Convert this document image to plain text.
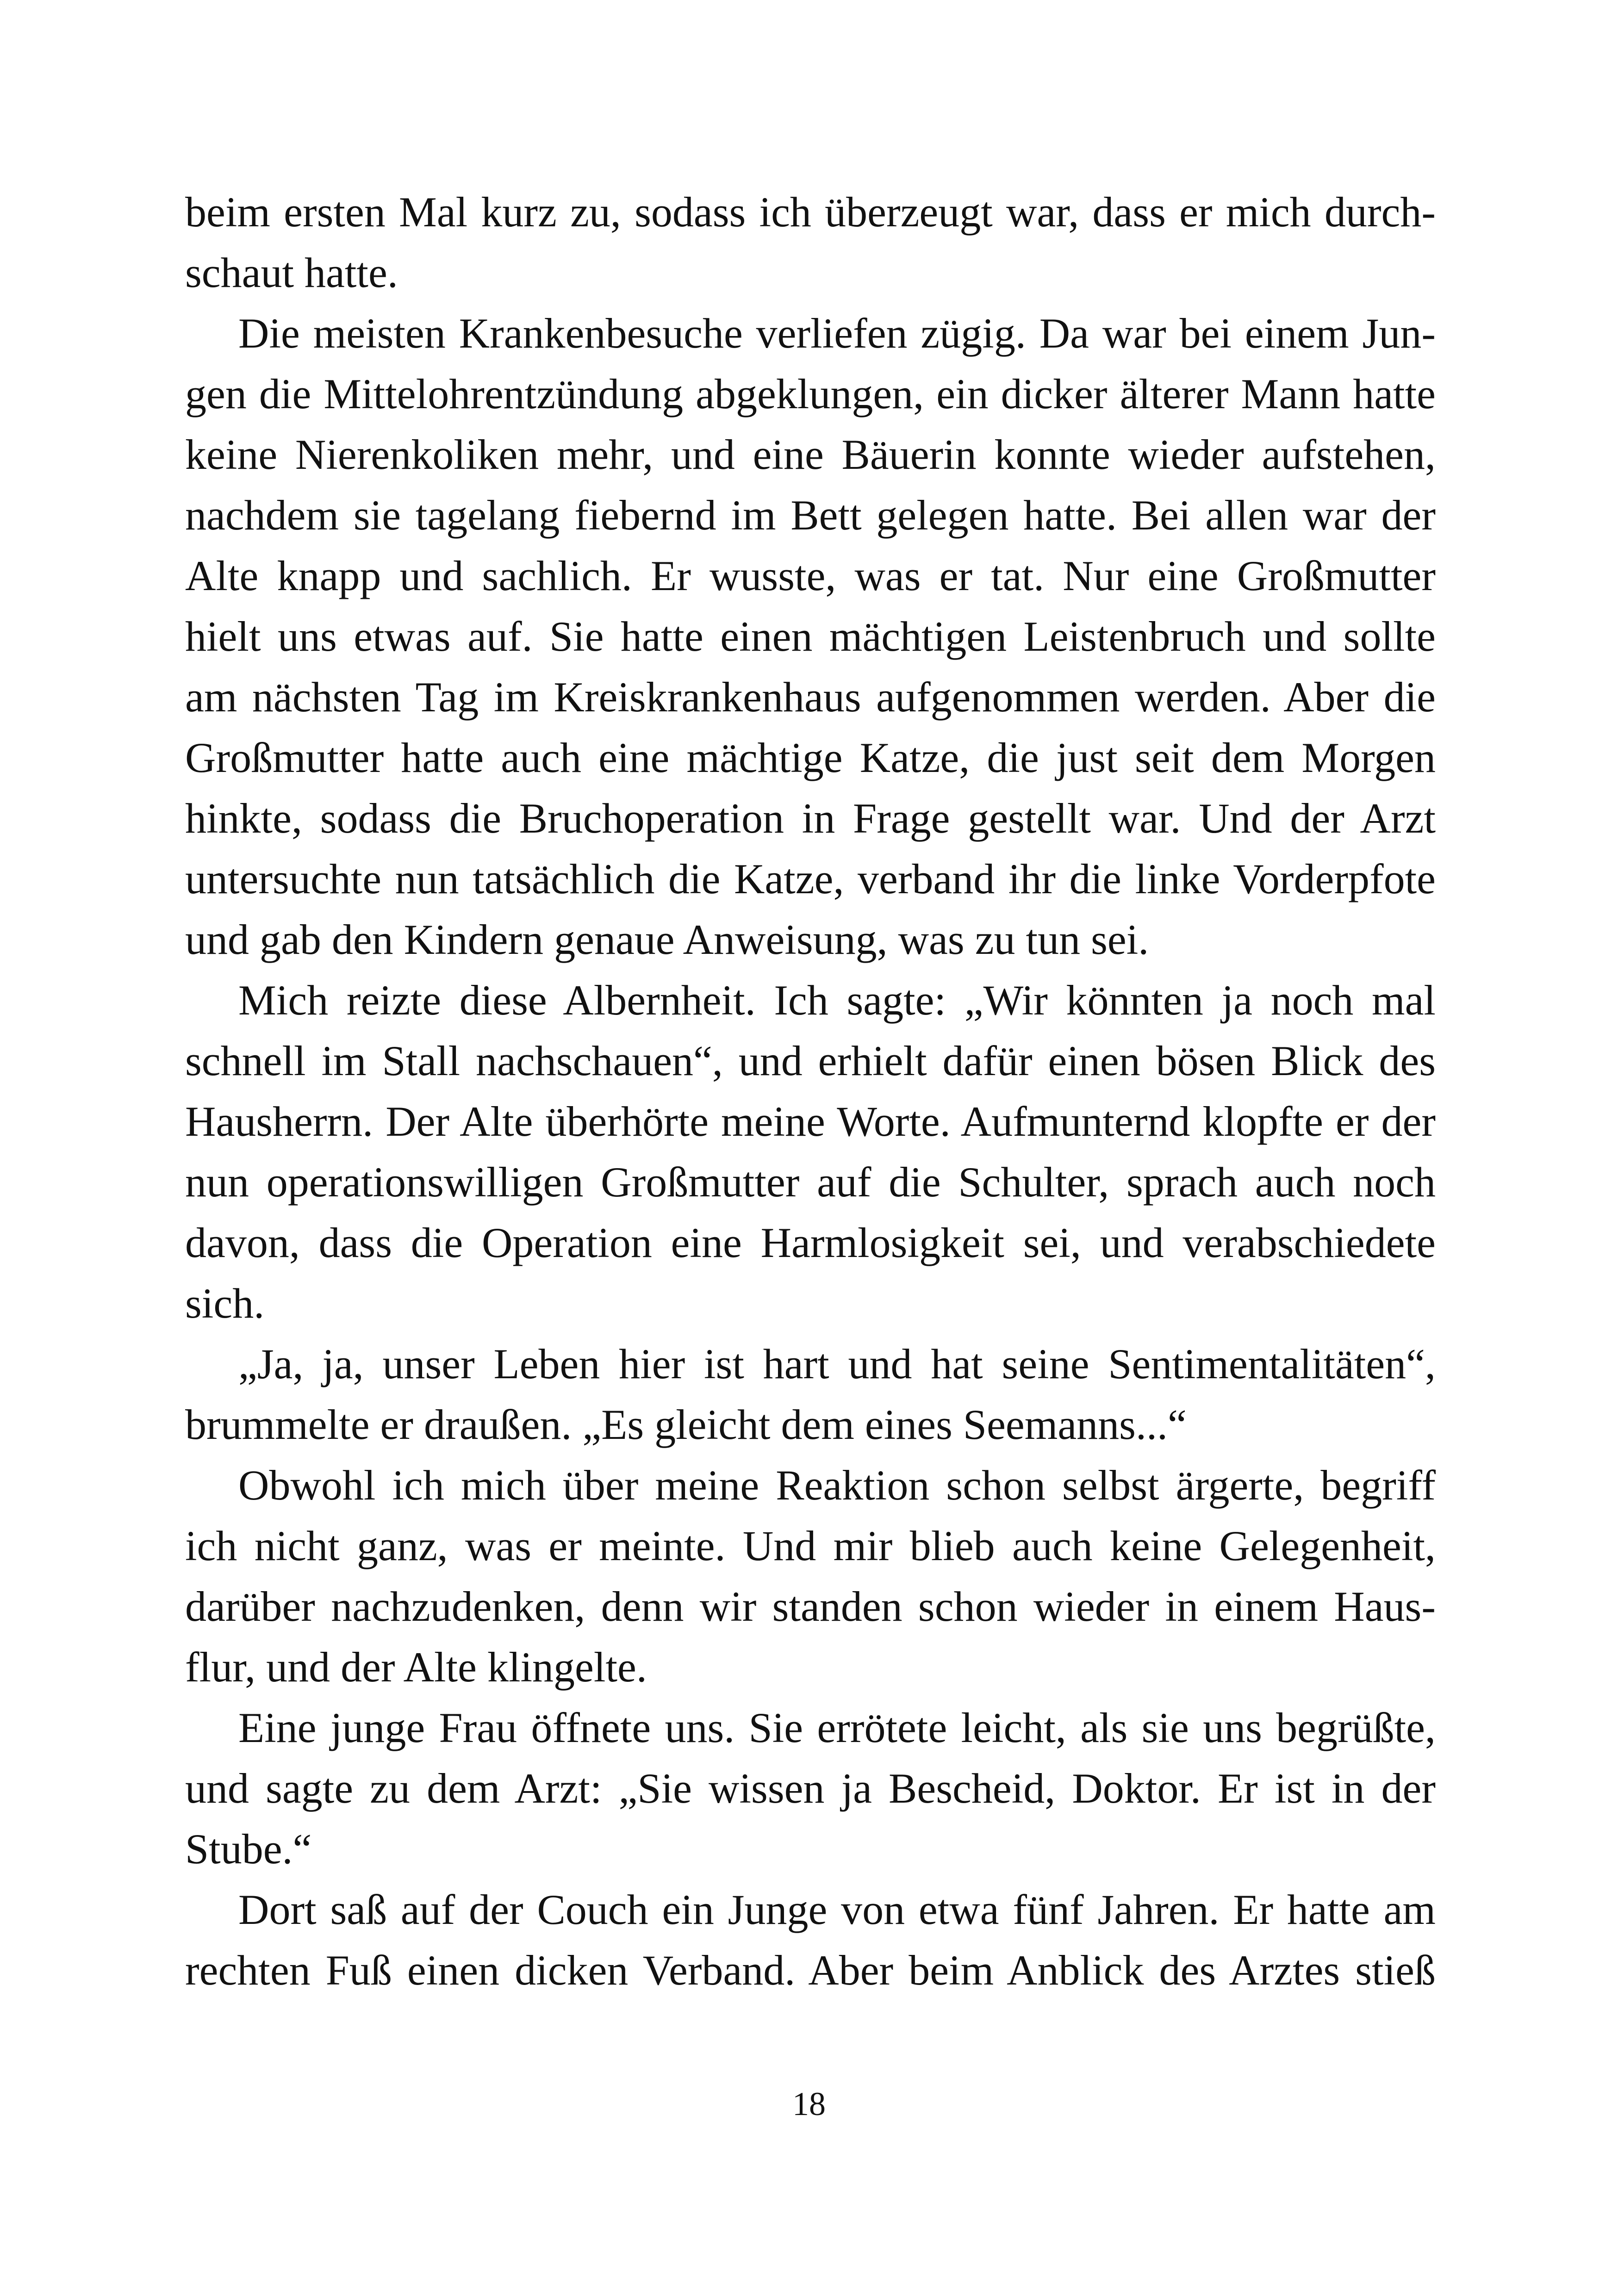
beim ersten Mal kurz zu, sodass ich überzeugt war, dass er mich durch-
schaut hatte.
Die meisten Krankenbesuche verliefen zügig. Da war bei einem Jun-
gen die Mittelohrentzündung abgeklungen, ein dicker älterer Mann hatte
keine Nierenkoliken mehr, und eine Bäuerin konnte wieder aufstehen,
nachdem sie tagelang fiebernd im Bett gelegen hatte. Bei allen war der
Alte knapp und sachlich. Er wusste, was er tat. Nur eine Großmutter
hielt uns etwas auf. Sie hatte einen mächtigen Leistenbruch und sollte
am nächsten Tag im Kreiskrankenhaus aufgenommen werden. Aber die
Großmutter hatte auch eine mächtige Katze, die just seit dem Morgen
hinkte, sodass die Bruchoperation in Frage gestellt war. Und der Arzt
untersuchte nun tatsächlich die Katze, verband ihr die linke Vorderpfote
und gab den Kindern genaue Anweisung, was zu tun sei.
Mich reizte diese Albernheit. Ich sagte: „Wir könnten ja noch mal
schnell im Stall nachschauen“, und erhielt dafür einen bösen Blick des
Hausherrn. Der Alte überhörte meine Worte. Aufmunternd klopfte er der
nun operationswilligen Großmutter auf die Schulter, sprach auch noch
davon, dass die Operation eine Harmlosigkeit sei, und verabschiedete
sich.
„Ja, ja, unser Leben hier ist hart und hat seine Sentimentalitäten“,
brummelte er draußen. „Es gleicht dem eines Seemanns...“
Obwohl ich mich über meine Reaktion schon selbst ärgerte, begriff
ich nicht ganz, was er meinte. Und mir blieb auch keine Gelegenheit,
darüber nachzudenken, denn wir standen schon wieder in einem Haus-
flur, und der Alte klingelte.
Eine junge Frau öffnete uns. Sie errötete leicht, als sie uns begrüßte,
und sagte zu dem Arzt: „Sie wissen ja Bescheid, Doktor. Er ist in der
Stube.“
Dort saß auf der Couch ein Junge von etwa fünf Jahren. Er hatte am
rechten Fuß einen dicken Verband. Aber beim Anblick des Arztes stieß
18
